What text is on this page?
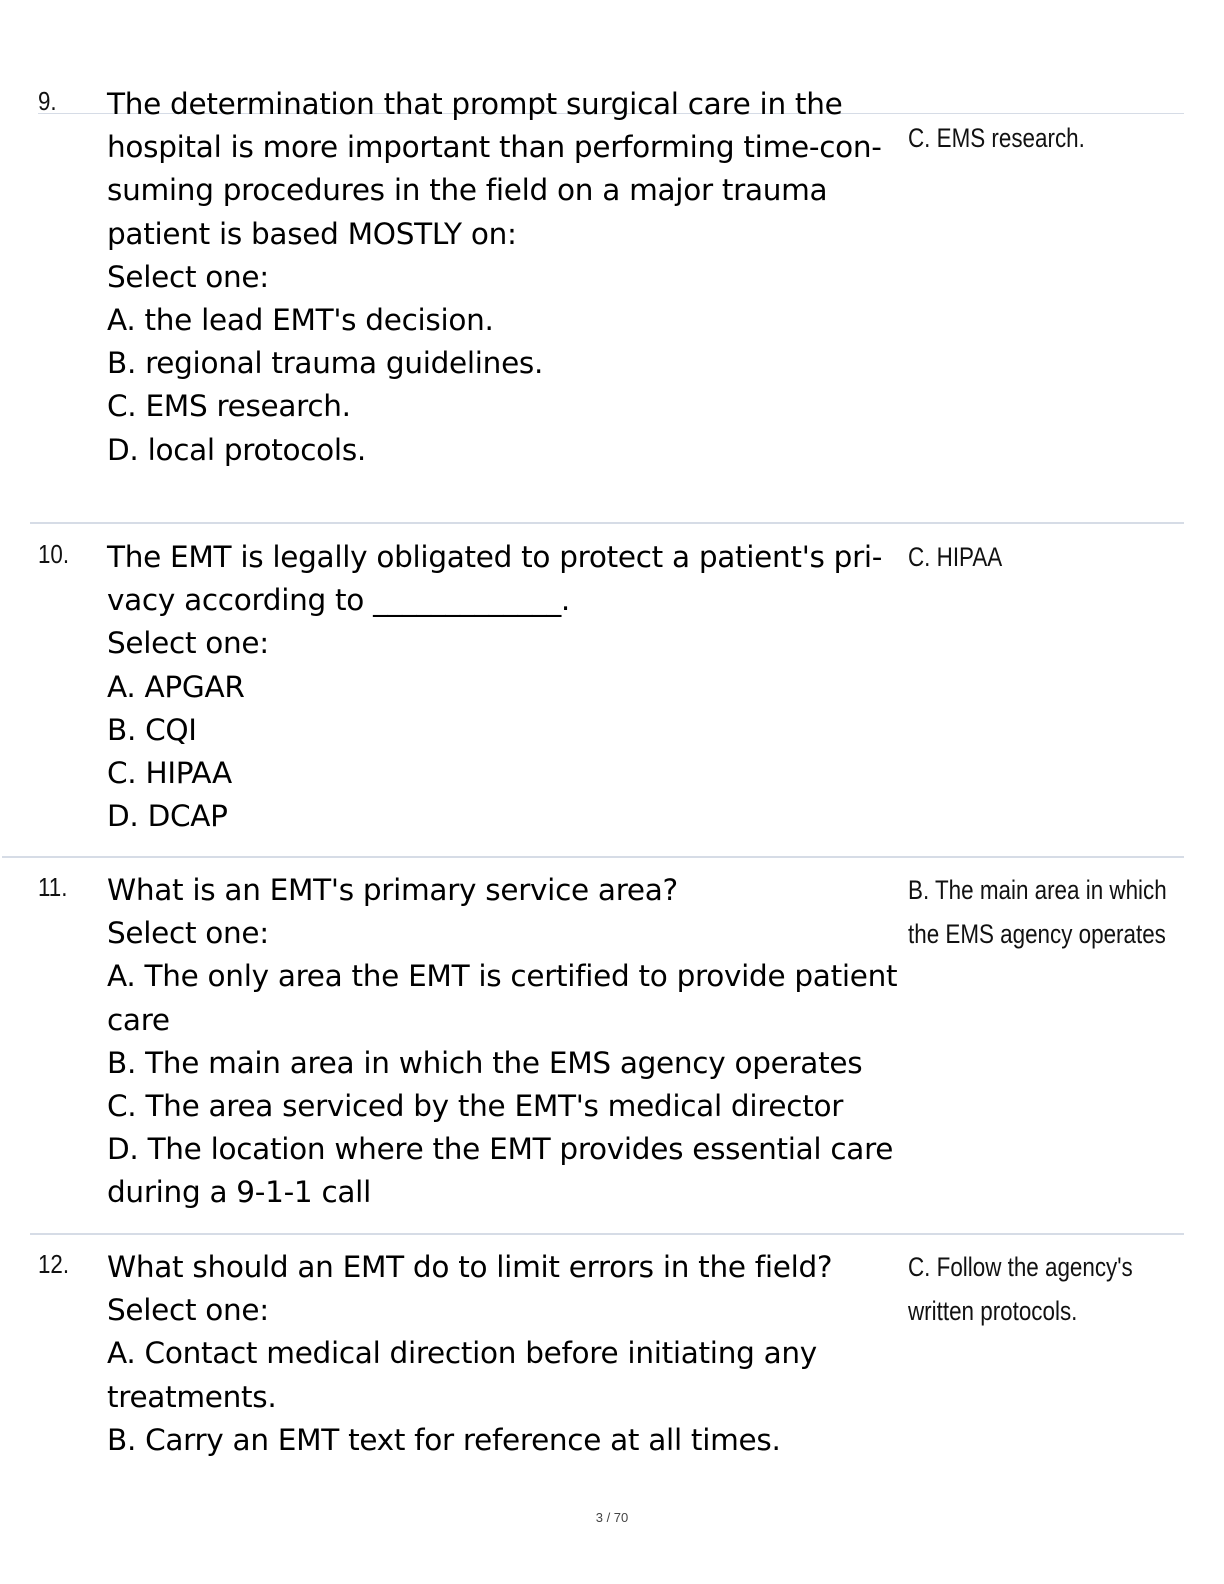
9. The determination that prompt surgical care in the
hospital is more important than performing time-con-
suming procedures in the field on a major trauma
patient is based MOSTLY on:
Select one:
A. the lead EMT's decision.
B. regional trauma guidelines.
C. EMS research.
D. local protocols.
C. EMS research.
10. The EMT is legally obligated to protect a patient's pri-
vacy according to _____________.
Select one:
A. APGAR
B. CQI
C. HIPAA
D. DCAP
C. HIPAA
11. What is an EMT's primary service area?
Select one:
A. The only area the EMT is certified to provide patient
care
B. The main area in which the EMS agency operates
C. The area serviced by the EMT's medical director
D. The location where the EMT provides essential care
during a 9-1-1 call
B. The main area in which
the EMS agency operates
12. What should an EMT do to limit errors in the field?
Select one:
A. Contact medical direction before initiating any
treatments.
B. Carry an EMT text for reference at all times.
C. Follow the agency's
written protocols.
3 / 70
